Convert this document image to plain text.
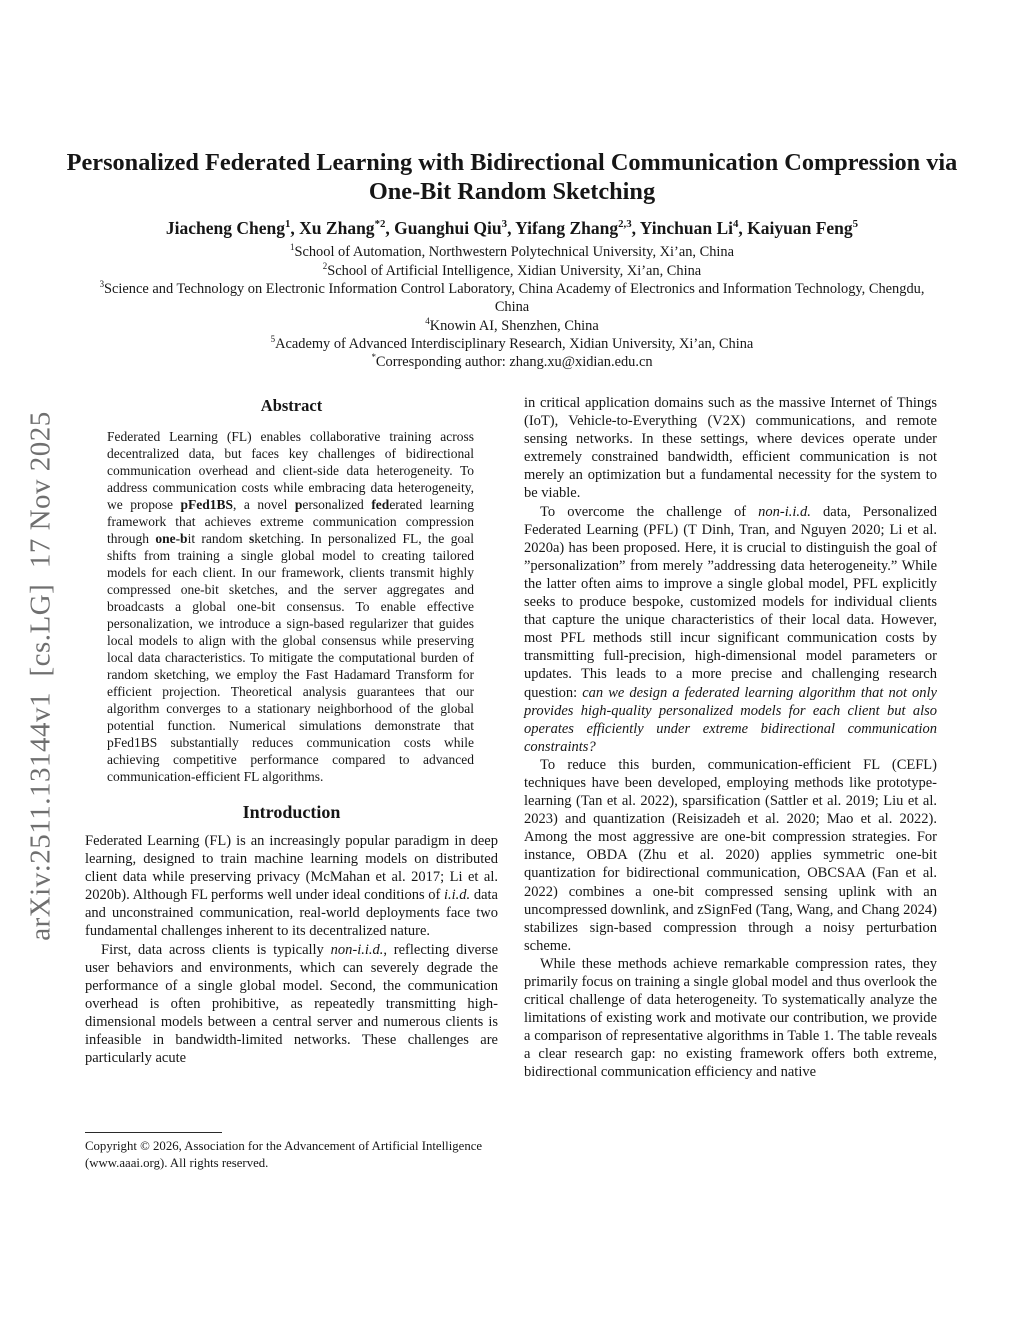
arXiv:2511.13144v1  [cs.LG]  17 Nov 2025
Personalized Federated Learning with Bidirectional Communication Compression via One-Bit Random Sketching
Jiacheng Cheng$^1$, Xu Zhang$^{*2}$, Guanghui Qiu$^3$, Yifang Zhang$^{2,3}$, Yinchuan Li$^4$, Kaiyuan Feng$^5$
$^1$School of Automation, Northwestern Polytechnical University, Xi’an, China
$^2$School of Artificial Intelligence, Xidian University, Xi’an, China
$^3$Science and Technology on Electronic Information Control Laboratory, China Academy of Electronics and Information Technology, Chengdu, China
$^4$Knowin AI, Shenzhen, China
$^5$Academy of Advanced Interdisciplinary Research, Xidian University, Xi’an, China
*Corresponding author: zhang.xu@xidian.edu.cn
Abstract
Federated Learning (FL) enables collaborative training across decentralized data, but faces key challenges of bidirectional communication overhead and client-side data heterogeneity. To address communication costs while embracing data heterogeneity, we propose pFed1BS, a novel personalized federated learning framework that achieves extreme communication compression through one-bit random sketching. In personalized FL, the goal shifts from training a single global model to creating tailored models for each client. In our framework, clients transmit highly compressed one-bit sketches, and the server aggregates and broadcasts a global one-bit consensus. To enable effective personalization, we introduce a sign-based regularizer that guides local models to align with the global consensus while preserving local data characteristics. To mitigate the computational burden of random sketching, we employ the Fast Hadamard Transform for efficient projection. Theoretical analysis guarantees that our algorithm converges to a stationary neighborhood of the global potential function. Numerical simulations demonstrate that pFed1BS substantially reduces communication costs while achieving competitive performance compared to advanced communication-efficient FL algorithms.
Introduction

Federated Learning (FL) is an increasingly popular paradigm in deep learning, designed to train machine learning models on distributed client data while preserving privacy (McMahan et al. 2017; Li et al. 2020b). Although FL performs well under ideal conditions of i.i.d. data and unconstrained communication, real-world deployments face two fundamental challenges inherent to its decentralized nature.

First, data across clients is typically non-i.i.d., reflecting diverse user behaviors and environments, which can severely degrade the performance of a single global model. Second, the communication overhead is often prohibitive, as repeatedly transmitting high-dimensional models between a central server and numerous clients is infeasible in bandwidth-limited networks. These challenges are particularly acute

Copyright © 2026, Association for the Advancement of Artificial Intelligence (www.aaai.org). All rights reserved.

in critical application domains such as the massive Internet of Things (IoT), Vehicle-to-Everything (V2X) communications, and remote sensing networks. In these settings, where devices operate under extremely constrained bandwidth, efficient communication is not merely an optimization but a fundamental necessity for the system to be viable.

To overcome the challenge of non-i.i.d. data, Personalized Federated Learning (PFL) (T Dinh, Tran, and Nguyen 2020; Li et al. 2020a) has been proposed. Here, it is crucial to distinguish the goal of ”personalization” from merely ”addressing data heterogeneity.” While the latter often aims to improve a single global model, PFL explicitly seeks to produce bespoke, customized models for individual clients that capture the unique characteristics of their local data. However, most PFL methods still incur significant communication costs by transmitting full-precision, high-dimensional model parameters or updates. This leads to a more precise and challenging research question: can we design a federated learning algorithm that not only provides high-quality personalized models for each client but also operates efficiently under extreme bidirectional communication constraints?

To reduce this burden, communication-efficient FL (CEFL) techniques have been developed, employing methods like prototype-learning (Tan et al. 2022), sparsification (Sattler et al. 2019; Liu et al. 2023) and quantization (Reisizadeh et al. 2020; Mao et al. 2022). Among the most aggressive are one-bit compression strategies. For instance, OBDA (Zhu et al. 2020) applies symmetric one-bit quantization for bidirectional communication, OBCSAA (Fan et al. 2022) combines a one-bit compressed sensing uplink with an uncompressed downlink, and zSignFed (Tang, Wang, and Chang 2024) stabilizes sign-based compression through a noisy perturbation scheme.

While these methods achieve remarkable compression rates, they primarily focus on training a single global model and thus overlook the critical challenge of data heterogeneity. To systematically analyze the limitations of existing work and motivate our contribution, we provide a comparison of representative algorithms in Table 1. The table reveals a clear research gap: no existing framework offers both extreme, bidirectional communication efficiency and native
